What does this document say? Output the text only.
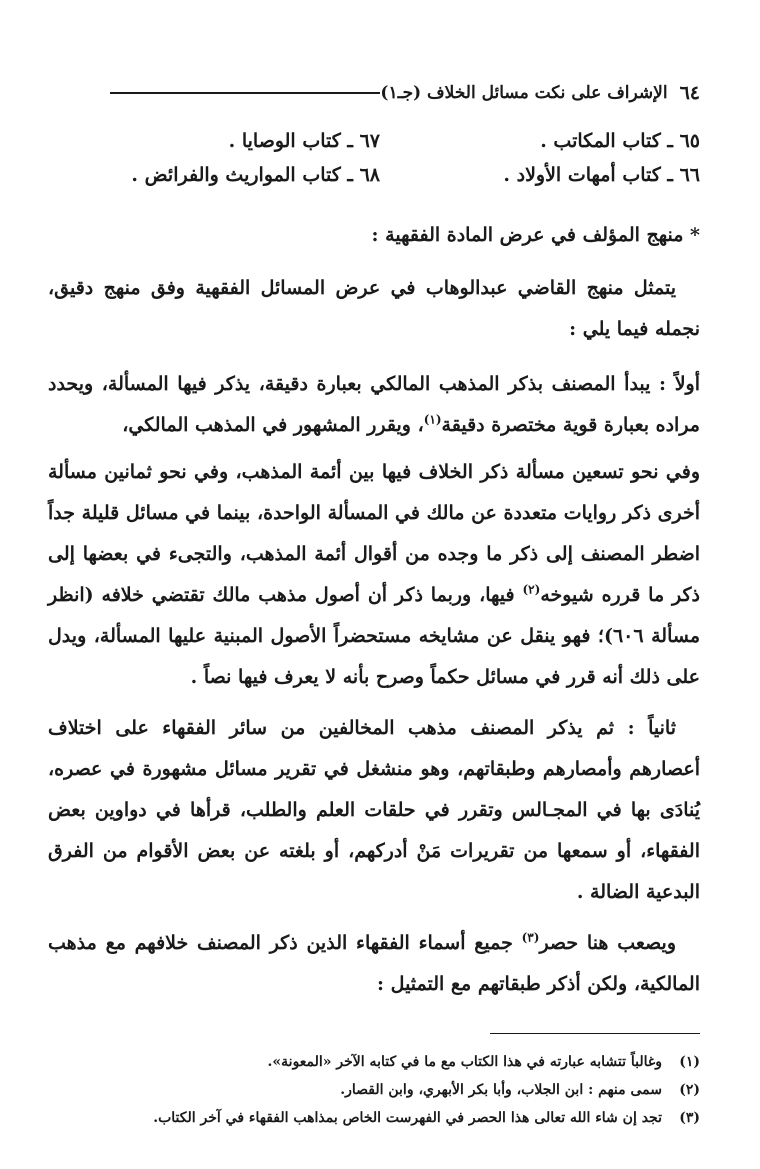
٦٤
الإشراف على نكت مسائل الخلاف (جـ١)
٦٥ ـ كتاب المكاتب .
٦٧ ـ كتاب الوصايا .
٦٦ ـ كتاب أمهات الأولاد .
٦٨ ـ كتاب المواريث والفرائض .
* منهج المؤلف في عرض المادة الفقهية :

يتمثل منهج القاضي عبدالوهاب في عرض المسائل الفقهية وفق منهج دقيق، نجمله فيما يلي :

أولاً : يبدأ المصنف بذكر المذهب المالكي بعبارة دقيقة، يذكر فيها المسألة، ويحدد مراده بعبارة قوية مختصرة دقيقة$^{(١)}$، ويقرر المشهور في المذهب المالكي،

وفي نحو تسعين مسألة ذكر الخلاف فيها بين أئمة المذهب، وفي نحو ثمانين مسألة أخرى ذكر روايات متعددة عن مالك في المسألة الواحدة، بينما في مسائل قليلة جداً اضطر المصنف إلى ذكر ما وجده من أقوال أئمة المذهب، والتجىء في بعضها إلى ذكر ما قرره شيوخه$^{(٢)}$ فيها، وربما ذكر أن أصول مذهب مالك تقتضي خلافه (انظر مسألة ٦٠٦)؛ فهو ينقل عن مشايخه مستحضراً الأصول المبنية عليها المسألة، ويدل على ذلك أنه قرر في مسائل حكماً وصرح بأنه لا يعرف فيها نصاً .

ثانياً : ثم يذكر المصنف مذهب المخالفين من سائر الفقهاء على اختلاف أعصارهم وأمصارهم وطبقاتهم، وهو منشغل في تقرير مسائل مشهورة في عصره، يُنادَى بها في المجـالس وتقرر في حلقات العلم والطلب، قرأها في دواوين بعض الفقهاء، أو سمعها من تقريرات مَنْ أدركهم، أو بلغته عن بعض الأقوام من الفرق البدعية الضالة .

ويصعب هنا حصر$^{(٣)}$ جميع أسماء الفقهاء الذين ذكر المصنف خلافهم مع مذهب المالكية، ولكن أذكر طبقاتهم مع التمثيل :

(١)
وغالباً تتشابه عبارته في هذا الكتاب مع ما في كتابه الآخر «المعونة».
(٢)
سمى منهم : ابن الجلاب، وأبا بكر الأبهري، وابن القصار.
(٣)
تجد إن شاء الله تعالى هذا الحصر في الفهرست الخاص بمذاهب الفقهاء في آخر الكتاب.
